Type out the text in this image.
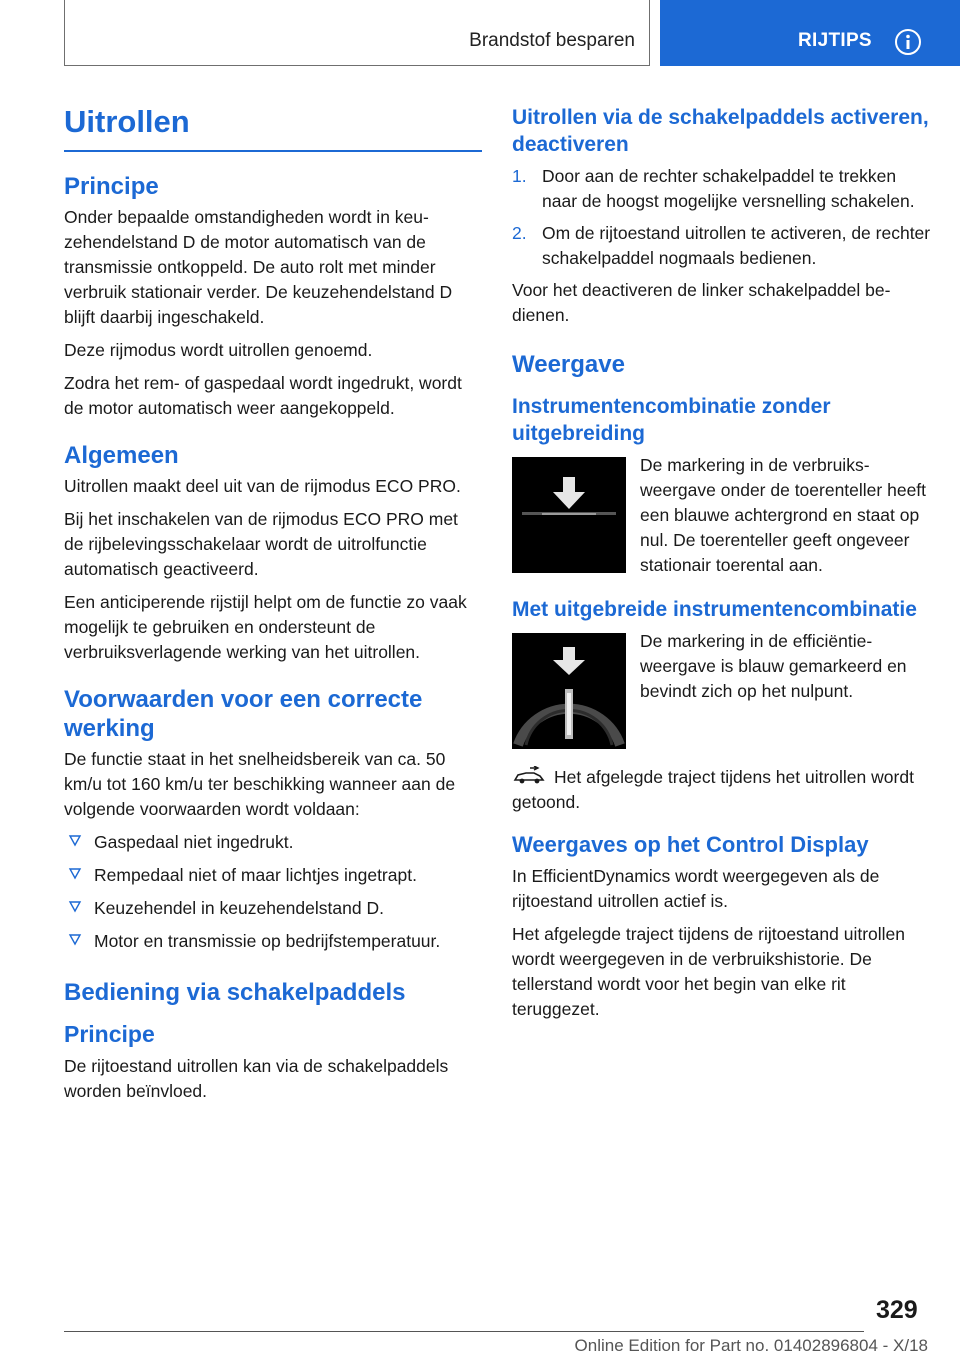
Brandstof besparen	RIJTIPS
Uitrollen
Principe

Onder bepaalde omstandigheden wordt in keuzehendelstand D de motor automatisch van de transmissie ontkoppeld. De auto rolt met minder verbruik stationair verder. De keuzehendelstand D blijft daarbij ingeschakeld.

Deze rijmodus wordt uitrollen genoemd.

Zodra het rem- of gaspedaal wordt ingedrukt, wordt de motor automatisch weer aangekoppeld.

Algemeen

Uitrollen maakt deel uit van de rijmodus ECO PRO.

Bij het inschakelen van de rijmodus ECO PRO met de rijbelevingsschakelaar wordt de uitrolfunctie automatisch geactiveerd.

Een anticiperende rijstijl helpt om de functie zo vaak mogelijk te gebruiken en ondersteunt de verbruiksverlagende werking van het uitrollen.

Voorwaarden voor een correcte werking

De functie staat in het snelheidsbereik van ca. 50 km/u tot 160 km/u ter beschikking wanneer aan de volgende voorwaarden wordt voldaan:

Gaspedaal niet ingedrukt.
Rempedaal niet of maar lichtjes ingetrapt.
Keuzehendel in keuzehendelstand D.
Motor en transmissie op bedrijfstemperatuur.
Bediening via schakelpaddels
Principe

De rijtoestand uitrollen kan via de schakelpaddels worden beïnvloed.

Uitrollen via de schakelpaddels activeren, deactiveren
1. Door aan de rechter schakelpaddel te trekken naar de hoogst mogelijke versnelling schakelen.
2. Om de rijtoestand uitrollen te activeren, de rechter schakelpaddel nogmaals bedienen.

Voor het deactiveren de linker schakelpaddel bedienen.

Weergave
Instrumentencombinatie zonder uitgebreiding
De markering in de verbruiksweergave onder de toerenteller heeft een blauwe achtergrond en staat op nul. De toerenteller geeft ongeveer stationair toerental aan.
Met uitgebreide instrumentencombinatie
De markering in de efficiëntieweergave is blauw gemarkeerd en bevindt zich op het nulpunt.

Het afgelegde traject tijdens het uitrollen wordt getoond.

Weergaves op het Control Display

In EfficientDynamics wordt weergegeven als de rijtoestand uitrollen actief is.

Het afgelegde traject tijdens de rijtoestand uitrollen wordt weergegeven in de verbruikshistorie. De tellerstand wordt voor het begin van elke rit teruggezet.

329
Online Edition for Part no. 01402896804 - X/18
